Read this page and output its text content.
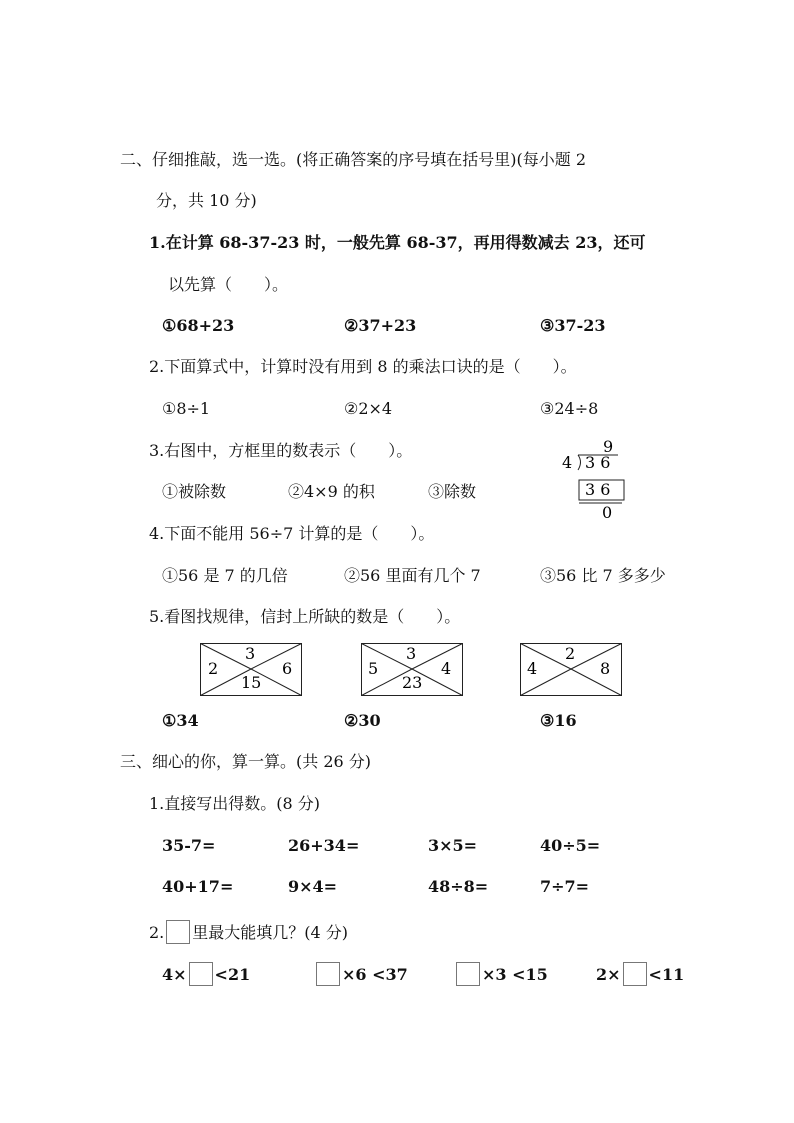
二、仔细推敲，选一选。(将正确答案的序号填在括号里)(每小题 2
分，共 10 分)
1.在计算 68-37-23 时，一般先算 68-37，再用得数减去 23，还可
以先算（　　）。
①68+23	②37+23	③37-23
2.下面算式中，计算时没有用到 8 的乘法口诀的是（　　）。
①8÷1	②2×4	③24÷8
3.右图中，方框里的数表示（　　）。
①被除数	②4×9 的积	③除数
9
4 3 6
3 6
0
4.下面不能用 56÷7 计算的是（　　）。
①56 是 7 的几倍	②56 里面有几个 7	③56 比 7 多多少
5.看图找规律，信封上所缺的数是（　　）。
3
2	6
15
3
5	4
23
2
4	8
①34	②30	③16
三、细心的你，算一算。(共 26 分)
1.直接写出得数。(8 分)
35-7=	26+34=	3×5=	40÷5=
40+17=	9×4=	48÷8=	7÷7=
2. 里最大能填几？(4 分)
4× <21	×6 <37	×3 <15	2× <11
